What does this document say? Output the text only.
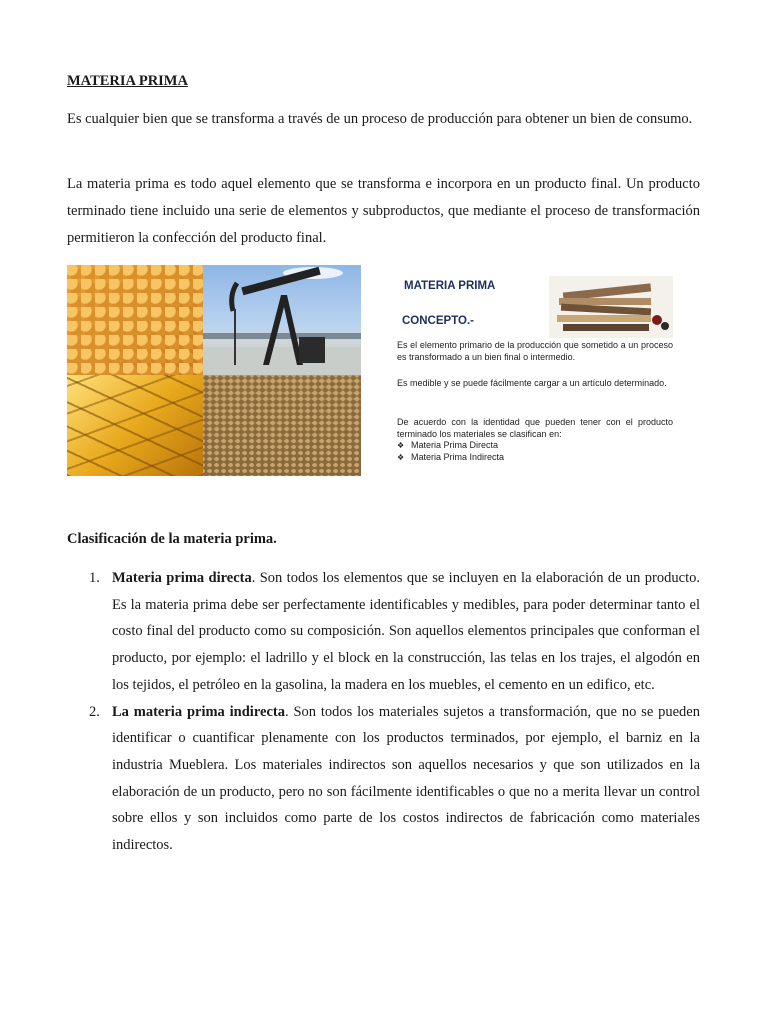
MATERIA PRIMA
Es cualquier bien que se transforma a través de un proceso de producción para obtener un bien de consumo.
La materia prima es todo aquel elemento que se transforma e incorpora en un producto final. Un producto terminado tiene incluido una serie de elementos y subproductos, que mediante el proceso de transformación permitieron la confección del producto final.
MATERIA PRIMA
CONCEPTO.-
Es el elemento primario de la producción que sometido a un proceso es transformado a un bien final o intermedio.
Es medible y se puede fácilmente cargar a un artículo determinado.
De acuerdo con la identidad que pueden tener con el producto terminado los materiales se clasifican en:
❖ Materia Prima Directa
❖ Materia Prima Indirecta
Clasificación de la materia prima.
1. Materia prima directa. Son todos los elementos que se incluyen en la elaboración de un producto. Es la materia prima debe ser perfectamente identificables y medibles, para poder determinar tanto el costo final del producto como su composición. Son aquellos elementos principales que conforman el producto, por ejemplo: el ladrillo y el block en la construcción, las telas en los trajes, el algodón en los tejidos, el petróleo en la gasolina, la madera en los muebles, el cemento en un edifico, etc.
2. La materia prima indirecta. Son todos los materiales sujetos a transformación, que no se pueden identificar o cuantificar plenamente con los productos terminados, por ejemplo, el barniz en la industria Mueblera. Los materiales indirectos son aquellos necesarios y que son utilizados en la elaboración de un producto, pero no son fácilmente identificables o que no a merita llevar un control sobre ellos y son incluidos como parte de los costos indirectos de fabricación como materiales indirectos.
